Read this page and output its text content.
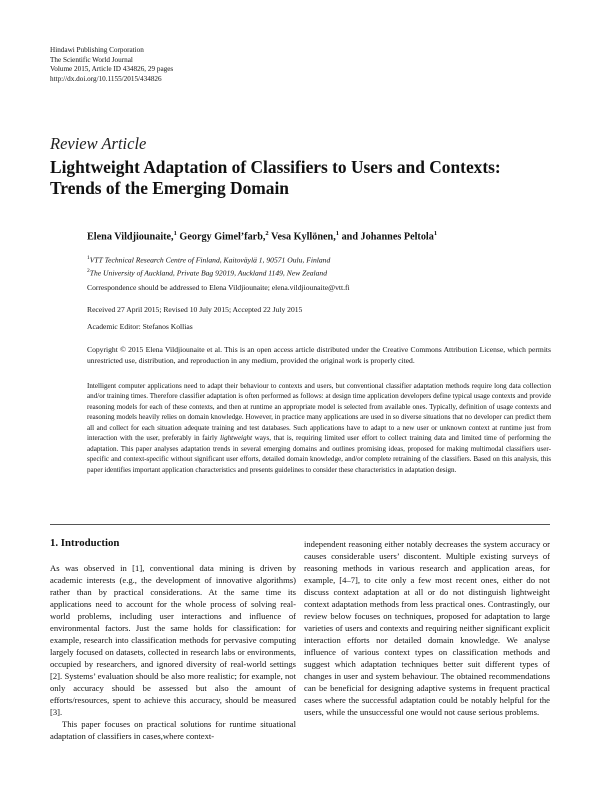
Hindawi Publishing Corporation
The Scientific World Journal
Volume 2015, Article ID 434826, 29 pages
http://dx.doi.org/10.1155/2015/434826
Review Article
Lightweight Adaptation of Classifiers to Users and Contexts:
Trends of the Emerging Domain
Elena Vildjiounaite,$^1$ Georgy Gimel’farb,$^2$ Vesa Kyllönen,$^1$ and Johannes Peltola$^1$
$^1$VTT Technical Research Centre of Finland, Kaitoväylä 1, 90571 Oulu, Finland
$^2$The University of Auckland, Private Bag 92019, Auckland 1149, New Zealand
Correspondence should be addressed to Elena Vildjiounaite; elena.vildjiounaite@vtt.fi
Received 27 April 2015; Revised 10 July 2015; Accepted 22 July 2015
Academic Editor: Stefanos Kollias
Copyright © 2015 Elena Vildjiounaite et al. This is an open access article distributed under the Creative Commons Attribution License, which permits unrestricted use, distribution, and reproduction in any medium, provided the original work is properly cited.
Intelligent computer applications need to adapt their behaviour to contexts and users, but conventional classifier adaptation methods require long data collection and/or training times. Therefore classifier adaptation is often performed as follows: at design time application developers define typical usage contexts and provide reasoning models for each of these contexts, and then at runtime an appropriate model is selected from available ones. Typically, definition of usage contexts and reasoning models heavily relies on domain knowledge. However, in practice many applications are used in so diverse situations that no developer can predict them all and collect for each situation adequate training and test databases. Such applications have to adapt to a new user or unknown context at runtime just from interaction with the user, preferably in fairly lightweight ways, that is, requiring limited user effort to collect training data and limited time of performing the adaptation. This paper analyses adaptation trends in several emerging domains and outlines promising ideas, proposed for making multimodal classifiers user-specific and context-specific without significant user efforts, detailed domain knowledge, and/or complete retraining of the classifiers. Based on this analysis, this paper identifies important application characteristics and presents guidelines to consider these characteristics in adaptation design.
1. Introduction

As was observed in [1], conventional data mining is driven by academic interests (e.g., the development of innovative algorithms) rather than by practical considerations. At the same time its applications need to account for the whole process of solving real-world problems, including user interactions and influence of environmental factors. Just the same holds for classification: for example, research into classification methods for pervasive computing largely focused on datasets, collected in research labs or environments, occupied by researchers, and ignored diversity of real-world settings [2]. Systems’ evaluation should be also more realistic; for example, not only accuracy should be assessed but also the amount of efforts/resources, spent to achieve this accuracy, should be measured [3].

This paper focuses on practical solutions for runtime situational adaptation of classifiers in cases,where context-

independent reasoning either notably decreases the system accuracy or causes considerable users’ discontent. Multiple existing surveys of reasoning methods in various research and application areas, for example, [4–7], to cite only a few most recent ones, either do not discuss context adaptation at all or do not distinguish lightweight context adaptation methods from less practical ones. Contrastingly, our review below focuses on techniques, proposed for adaptation to large varieties of users and contexts and requiring neither significant explicit interaction efforts nor detailed domain knowledge. We analyse influence of various context types on classification methods and suggest which adaptation techniques better suit different types of changes in user and system behaviour. The obtained recommendations can be beneficial for designing adaptive systems in frequent practical cases where the successful adaptation could be notably helpful for the users, while the unsuccessful one would not cause serious problems.
